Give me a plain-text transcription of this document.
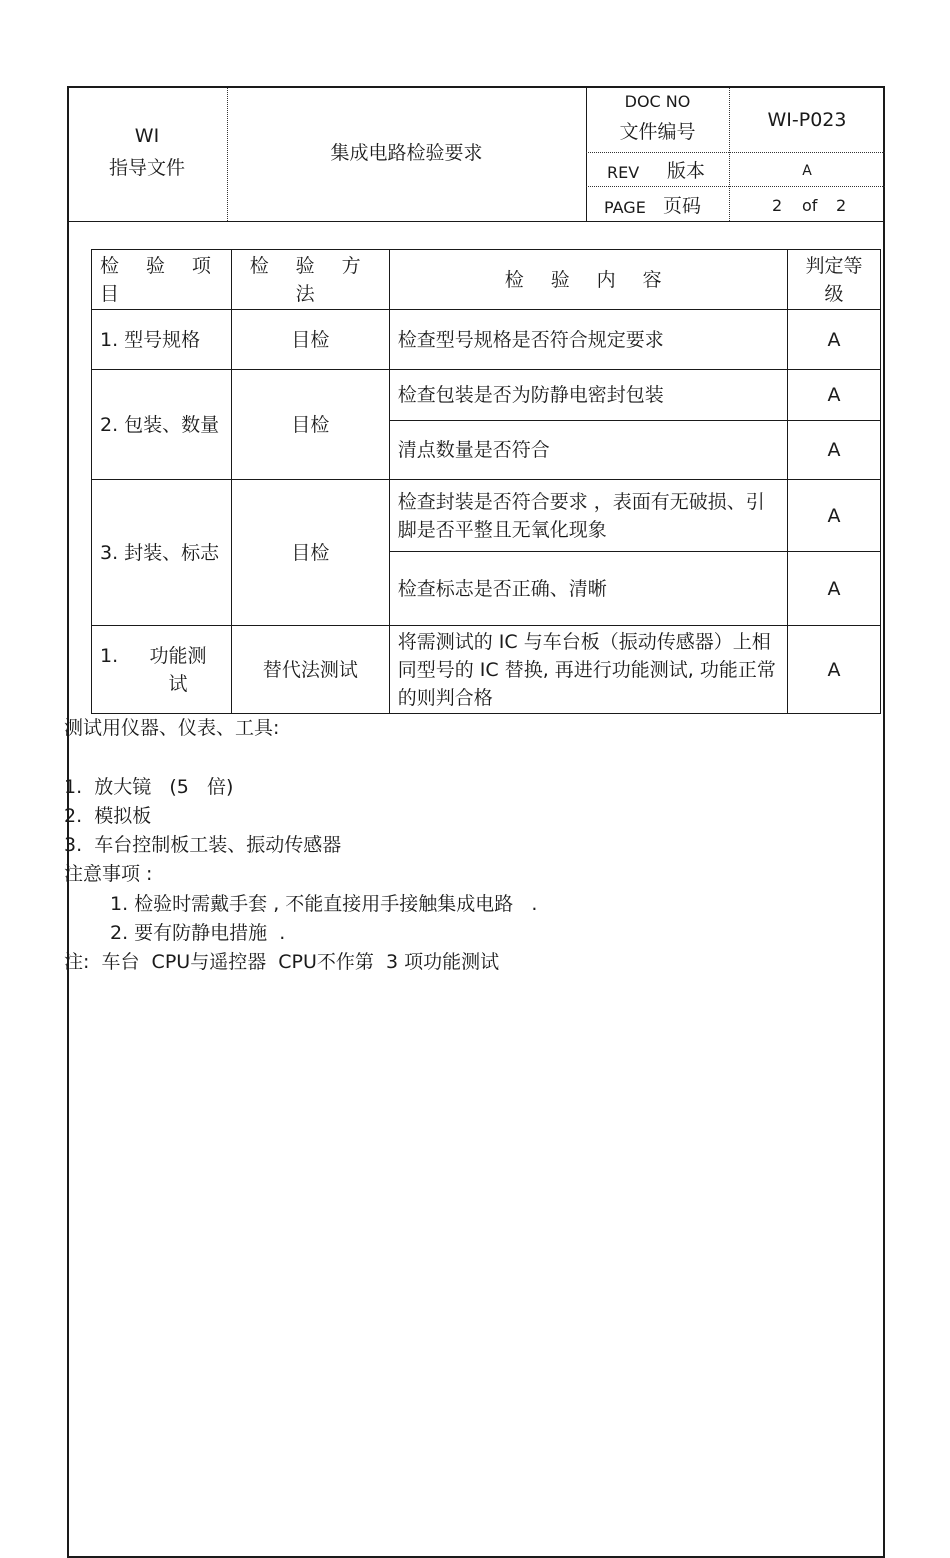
WI
指导文件
集成电路检验要求
DOC NO
文件编号
WI-P023
REV 版本	A
PAGE 页码	2 of 2
检 验 项 目	检 验 方 法	检 验 内 容	判定等级
1. 型号规格	目检	检查型号规格是否符合规定要求	A
2. 包装、数量	目检	检查包装是否为防静电密封包装	A
		清点数量是否符合	A
3. 封装、标志	目检	检查封装是否符合要求 ，表面有无破损、引脚是否平整且无氧化现象	A
		检查标志是否正确、清晰	A

1. 功能测试	替代法测试	将需测试的 IC 与车台板（振动传感器）上相同型号的 IC 替换, 再进行功能测试, 功能正常的则判合格	A
测试用仪器、仪表、工具:
1.  放大镜   (5   倍)
2.  模拟板
3.  车台控制板工装、振动传感器
注意事项 :
1. 检验时需戴手套 , 不能直接用手接触集成电路   .
2. 要有防静电措施  .
注:  车台  CPU与遥控器  CPU不作第  3 项功能测试
